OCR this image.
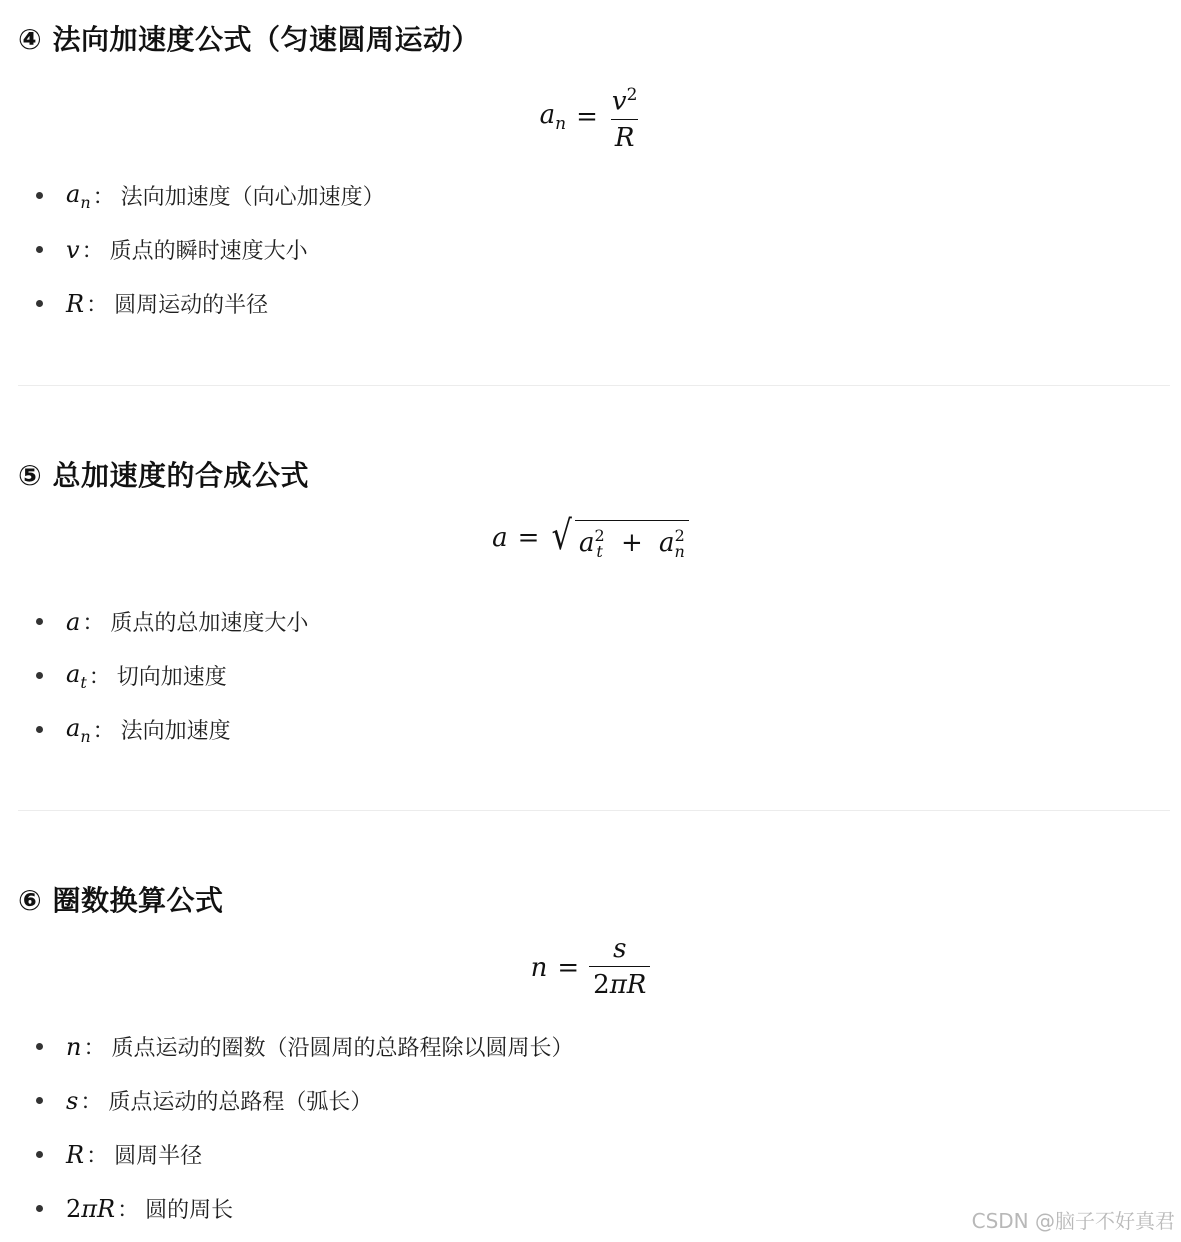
④ 法向加速度公式（匀速圆周运动）
$a_n = \frac{v^2}{R}$
$a_n$ ： 法向加速度（向心加速度）
v ： 质点的瞬时速度大小
R ： 圆周运动的半径
⑤ 总加速度的合成公式
a = √ a 2
t + a 2
n
a ： 质点的总加速度大小
$a_t$ ： 切向加速度
$a_n$ ： 法向加速度
⑥ 圈数换算公式
$n = \frac{s}{2\pi R}$
n ： 质点运动的圈数（沿圆周的总路程除以圆周长）
s ： 质点运动的总路程（弧长）
R ： 圆周半径
2πR ： 圆的周长	CSDN @脑子不好真君
